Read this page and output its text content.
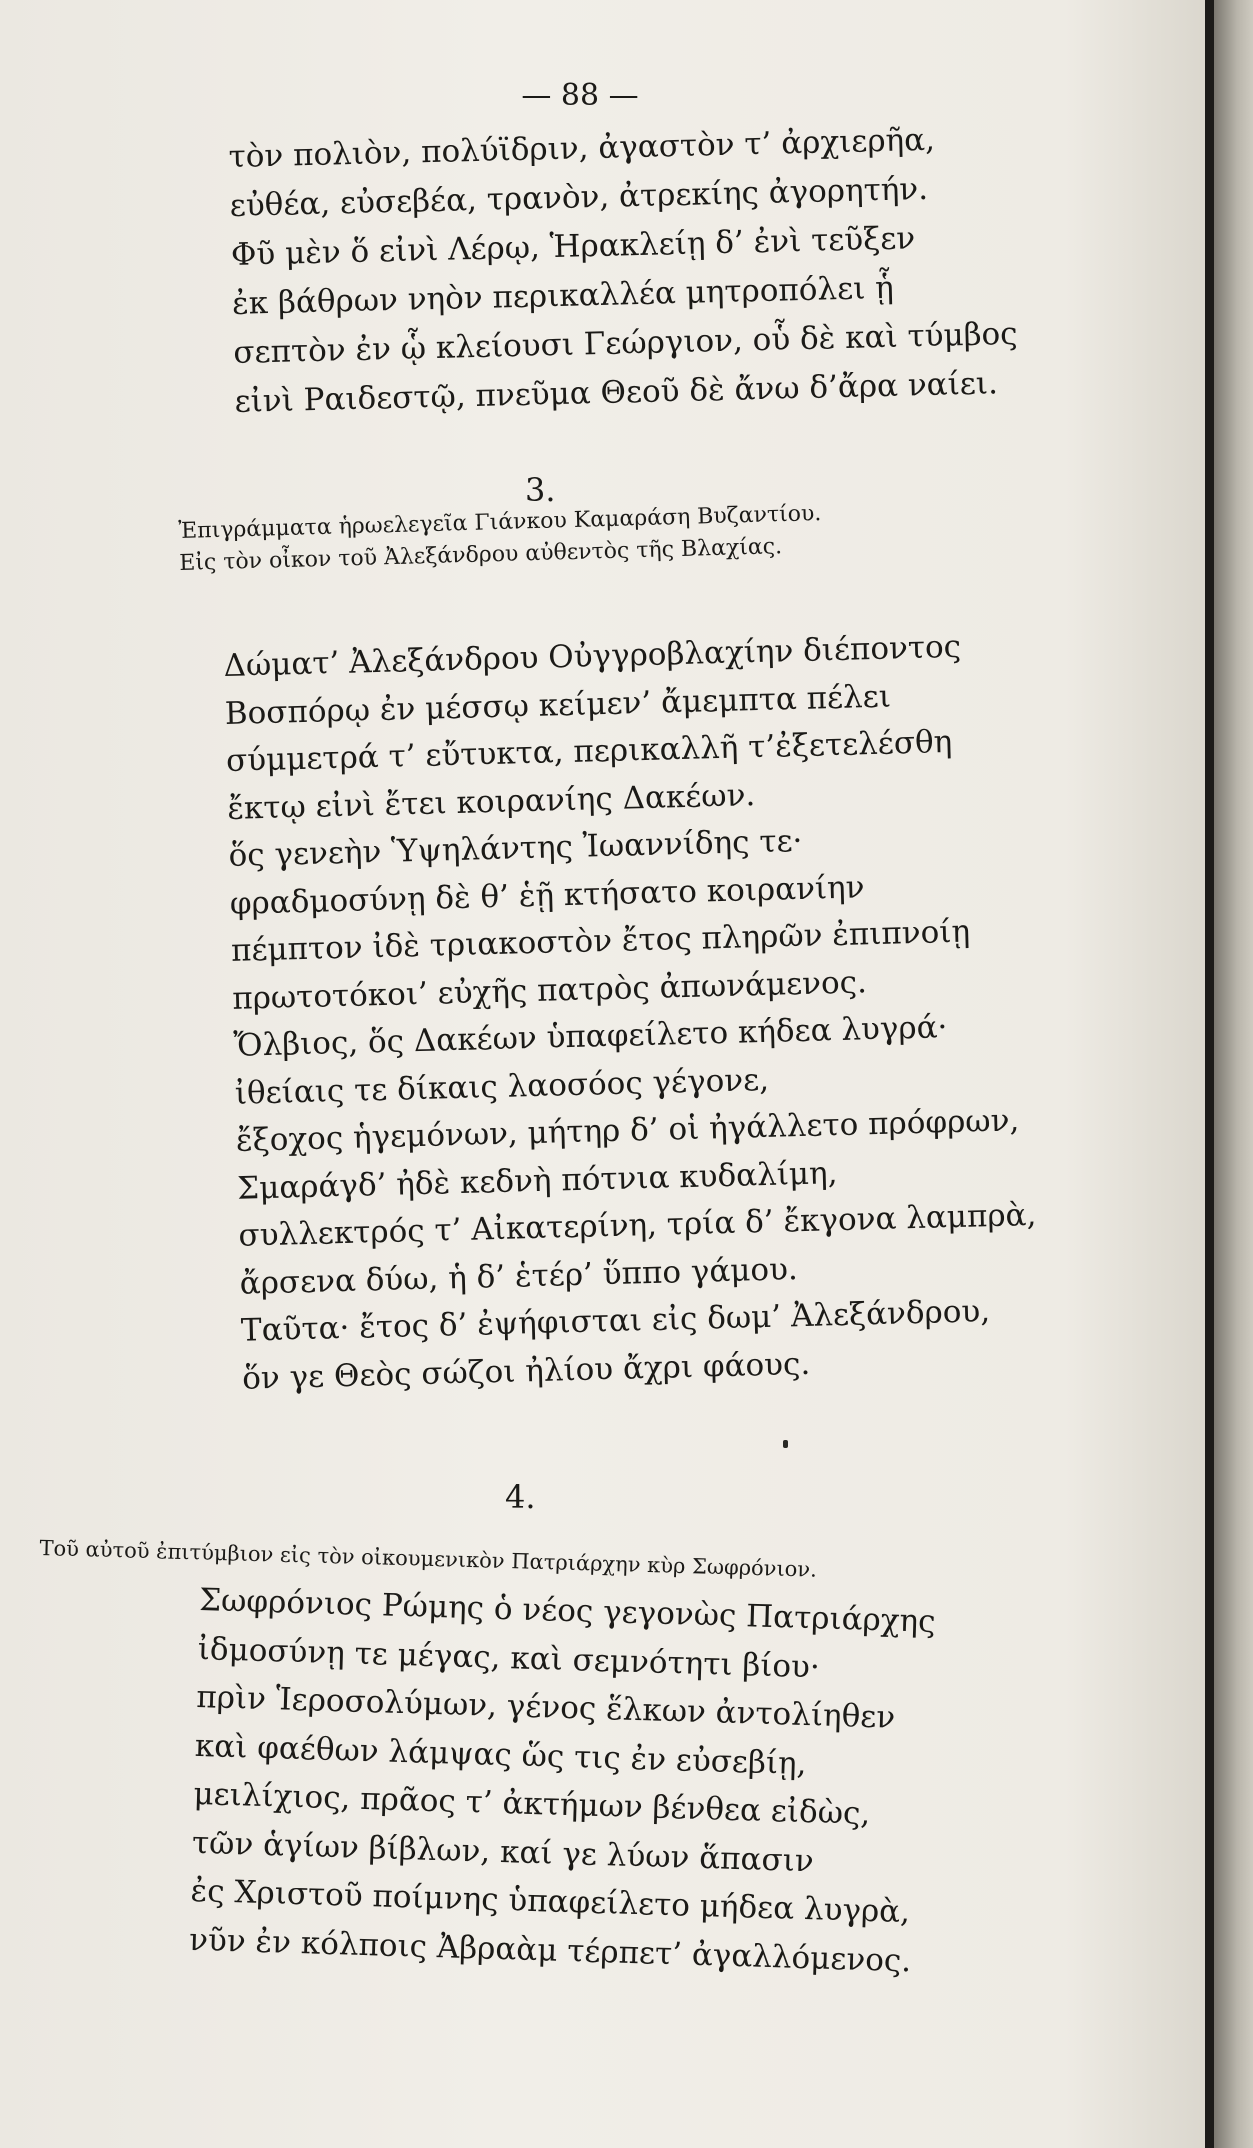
— 88 —
τὸν πολιὸν, πολύϊδριν, ἀγαστὸν τ’ ἀρχιερῆα,
εὐθέα, εὐσεβέα, τρανὸν, ἀτρεκίης ἀγορητήν.
Φῦ μὲν ὅ εἰνὶ Λέρῳ, Ἡρακλείῃ δ’ ἐνὶ τεῦξεν
ἐκ βάθρων νηὸν περικαλλέα μητροπόλει ᾗ
σεπτὸν ἐν ᾧ κλείουσι Γεώργιον, οὗ δὲ καὶ τύμβος
εἰνὶ Ραιδεστῷ, πνεῦμα Θεοῦ δὲ ἄνω δ’ἄρα ναίει.
3.
Ἐπιγράμματα ἡρωελεγεῖα Γιάνκου Καμαράση Βυζαντίου.
Εἰς τὸν οἶκον τοῦ Ἀλεξάνδρου αὐθεντὸς τῆς Βλαχίας.
Δώματ’ Ἀλεξάνδρου Οὐγγροβλαχίην διέποντος
Βοσπόρῳ ἐν μέσσῳ κείμεν’ ἄμεμπτα πέλει
σύμμετρά τ’ εὔτυκτα, περικαλλῆ τ’ἐξετελέσθη
ἔκτῳ εἰνὶ ἔτει κοιρανίης Δακέων.
ὅς γενεὴν Ὑψηλάντης Ἰωαννίδης τε·
φραδμοσύνῃ δὲ θ’ ἑῇ κτήσατο κοιρανίην
πέμπτον ἰδὲ τριακοστὸν ἔτος πληρῶν ἐπιπνοίῃ
πρωτοτόκοι’ εὐχῆς πατρὸς ἀπωνάμενος.
Ὄλβιος, ὅς Δακέων ὑπαφείλετο κήδεα λυγρά·
ἰθείαις τε δίκαις λαοσόος γέγονε,
ἔξοχος ἡγεμόνων, μήτηρ δ’ οἱ ἠγάλλετο πρόφρων,
Σμαράγδ’ ἠδὲ κεδνὴ πότνια κυδαλίμη,
συλλεκτρός τ’ Αἰκατερίνη, τρία δ’ ἔκγονα λαμπρὰ,
ἄρσενα δύω, ἡ δ’ ἑτέρ’ ὕππο γάμου.
Ταῦτα· ἔτος δ’ ἐψήφισται εἰς δωμ’ Ἀλεξάνδρου,
ὅν γε Θεὸς σώζοι ἠλίου ἄχρι φάους.
4.
Τοῦ αὐτοῦ ἐπιτύμβιον εἰς τὸν οἰκουμενικὸν Πατριάρχην κὺρ Σωφρόνιον.
Σωφρόνιος Ρώμης ὁ νέος γεγονὼς Πατριάρχης
ἰδμοσύνῃ τε μέγας, καὶ σεμνότητι βίου·
πρὶν Ἱεροσολύμων, γένος ἕλκων ἀντολίηθεν
καὶ φαέθων λάμψας ὥς τις ἐν εὐσεβίῃ,
μειλίχιος, πρᾶος τ’ ἀκτήμων βένθεα εἰδὼς,
τῶν ἁγίων βίβλων, καί γε λύων ἅπασιν
ἐς Χριστοῦ ποίμνης ὑπαφείλετο μήδεα λυγρὰ,
νῦν ἐν κόλποις Ἀβραὰμ τέρπετ’ ἀγαλλόμενος.
